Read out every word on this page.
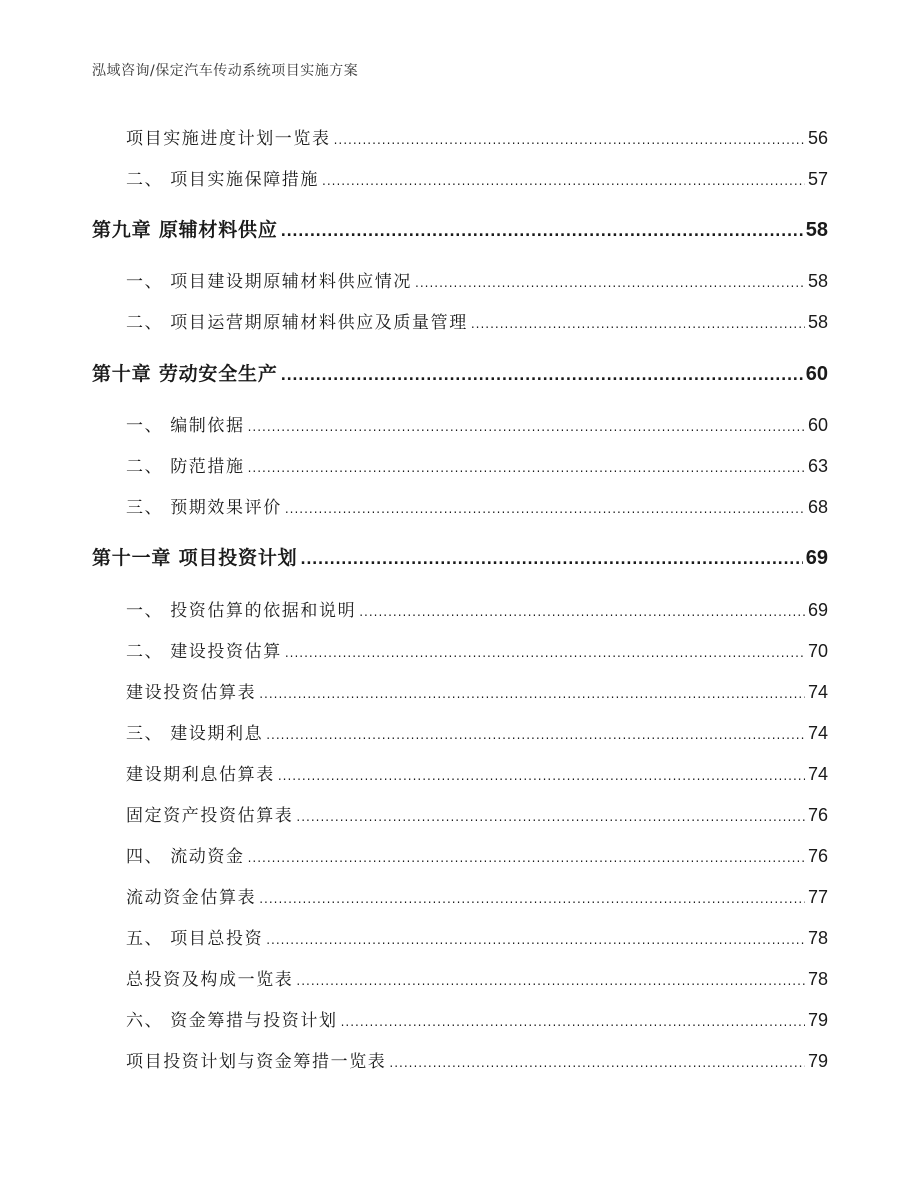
泓域咨询/保定汽车传动系统项目实施方案
项目实施进度计划一览表 .....	56
二、 项目实施保障措施 .....	57
第九章 原辅材料供应 .....	58
一、 项目建设期原辅材料供应情况 .....	58
二、 项目运营期原辅材料供应及质量管理 .....	58
第十章 劳动安全生产 .....	60
一、 编制依据 .....	60
二、 防范措施 .....	63
三、 预期效果评价 .....	68
第十一章 项目投资计划 .....	69
一、 投资估算的依据和说明 .....	69
二、 建设投资估算 .....	70
建设投资估算表 .....	74
三、 建设期利息 .....	74
建设期利息估算表 .....	74
固定资产投资估算表 .....	76
四、 流动资金 .....	76
流动资金估算表 .....	77
五、 项目总投资 .....	78
总投资及构成一览表 .....	78
六、 资金筹措与投资计划 .....	79
项目投资计划与资金筹措一览表 .....	79
